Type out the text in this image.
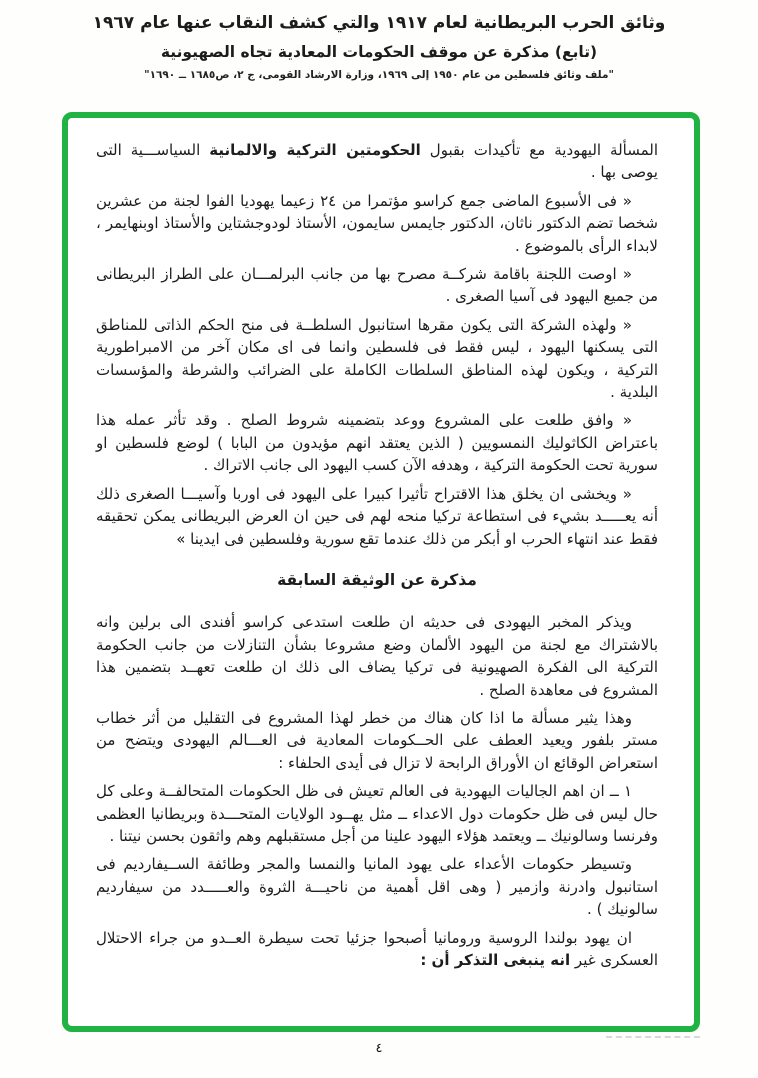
وثائق الحرب البريطانية لعام ١٩١٧ والتي كشف النقاب عنها عام ١٩٦٧
(تابع) مذكرة عن موقف الحكومات المعادية تجاه الصهيونية
"ملف وثائق فلسطين من عام ١٩٥٠ إلى ١٩٦٩، وزارة الارشاد القومى، ج ٢، ص١٦٨٥ ــ ١٦٩٠"

المسألة اليهودية مع تأكيدات بقبول الحكومتين التركية والالمانية السياســـية التى يوصى بها .

« فى الأسبوع الماضى جمع كراسو مؤتمرا من ٢٤ زعيما يهوديا الفوا لجنة من عشرين شخصا تضم الدكتور ناثان، الدكتور جايمس سايمون، الأستاذ لودوجشتاين والأستاذ اوبنهايمر ، لابداء الرأى بالموضوع .

« اوصت اللجنة باقامة شركــة مصرح بها من جانب البرلمـــان على الطراز البريطانى من جميع اليهود فى آسيا الصغرى .

« ولهذه الشركة التى يكون مقرها استانبول السلطــة فى منح الحكم الذاتى للمناطق التى يسكنها اليهود ، ليس فقط فى فلسطين وانما فى اى مكان آخر من الامبراطورية التركية ، ويكون لهذه المناطق السلطات الكاملة على الضرائب والشرطة والمؤسسات البلدية .

« وافق طلعت على المشروع ووعد بتضمينه شروط الصلح . وقد تأثر عمله هذا باعتراض الكاثوليك النمسويين ( الذين يعتقد انهم مؤيدون من البابا ) لوضع فلسطين او سورية تحت الحكومة التركية ، وهدفه الآن كسب اليهود الى جانب الاتراك .

« ويخشى ان يخلق هذا الاقتراح تأثيرا كبيرا على اليهود فى اوربا وآسيـــا الصغرى ذلك أنه يعـــــد بشيء فى استطاعة تركيا منحه لهم فى حين ان العرض البريطانى يمكن تحقيقه فقط عند انتهاء الحرب او أبكر من ذلك عندما تقع سورية وفلسطين فى ايدينا »

مذكرة عن الوثيقة السابقة

ويذكر المخبر اليهودى فى حديثه ان طلعت استدعى كراسو أفندى الى برلين وانه بالاشتراك مع لجنة من اليهود الألمان وضع مشروعا بشأن التنازلات من جانب الحكومة التركية الى الفكرة الصهيونية فى تركيا يضاف الى ذلك ان طلعت تعهــد بتضمين هذا المشروع فى معاهدة الصلح .

وهذا يثير مسألة ما اذا كان هناك من خطر لهذا المشروع فى التقليل من أثر خطاب مستر بلفور ويعيد العطف على الحــكومات المعادية فى العـــالم اليهودى ويتضح من استعراض الوقائع ان الأوراق الرابحة لا تزال فى أيدى الحلفاء :

١ ــ ان اهم الجاليات اليهودية فى العالم تعيش فى ظل الحكومات المتحالفــة وعلى كل حال ليس فى ظل حكومات دول الاعداء ــ مثل يهــود الولايات المتحـــدة وبريطانيا العظمى وفرنسا وسالونيك ــ ويعتمد هؤلاء اليهود علينا من أجل مستقبلهم وهم واثقون بحسن نيتنا .

وتسيطر حكومات الأعداء على يهود المانيا والنمسا والمجر وطائفة الســيفارديم فى استانبول وادرنة وازمير ( وهى اقل أهمية من ناحيـــة الثروة والعـــــدد من سيفارديم سالونيك ) .

ان يهود بولندا الروسية ورومانيا أصبحوا جزئيا تحت سيطرة العــدو من جراء الاحتلال العسكرى غير انه ينبغى التذكر أن :

٤
